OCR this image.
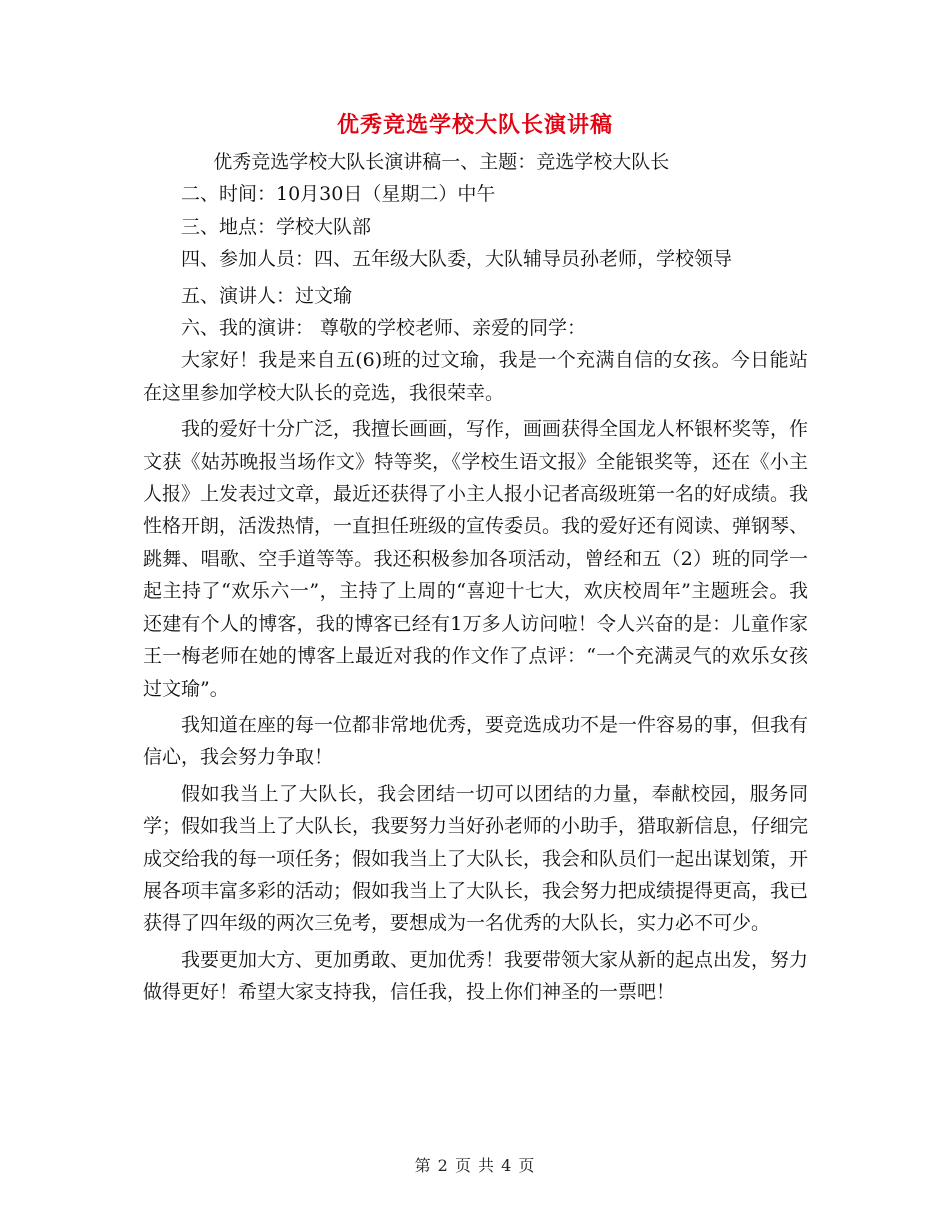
优秀竞选学校大队长演讲稿

优秀竞选学校大队长演讲稿一、主题：竞选学校大队长

二、时间：10月30日（星期二）中午

三、地点：学校大队部

四、参加人员：四、五年级大队委，大队辅导员孙老师，学校领导

五、演讲人：过文瑜

六、我的演讲： 尊敬的学校老师、亲爱的同学：

大家好！我是来自五(6)班的过文瑜，我是一个充满自信的女孩。今日能站在这里参加学校大队长的竞选，我很荣幸。

我的爱好十分广泛，我擅长画画，写作，画画获得全国龙人杯银杯奖等，作文获《姑苏晚报当场作文》特等奖，《学校生语文报》全能银奖等，还在《小主人报》上发表过文章，最近还获得了小主人报小记者高级班第一名的好成绩。我性格开朗，活泼热情，一直担任班级的宣传委员。我的爱好还有阅读、弹钢琴、跳舞、唱歌、空手道等等。我还积极参加各项活动，曾经和五（2）班的同学一起主持了“欢乐六一”，主持了上周的“喜迎十七大，欢庆校周年”主题班会。我还建有个人的博客，我的博客已经有1万多人访问啦！令人兴奋的是：儿童作家王一梅老师在她的博客上最近对我的作文作了点评：“一个充满灵气的欢乐女孩过文瑜”。

我知道在座的每一位都非常地优秀，要竞选成功不是一件容易的事，但我有信心，我会努力争取！

假如我当上了大队长，我会团结一切可以团结的力量，奉献校园，服务同学；假如我当上了大队长，我要努力当好孙老师的小助手，猎取新信息，仔细完成交给我的每一项任务；假如我当上了大队长，我会和队员们一起出谋划策，开展各项丰富多彩的活动；假如我当上了大队长，我会努力把成绩提得更高，我已获得了四年级的两次三免考，要想成为一名优秀的大队长，实力必不可少。

我要更加大方、更加勇敢、更加优秀！我要带领大家从新的起点出发，努力做得更好！希望大家支持我，信任我，投上你们神圣的一票吧！

第 2 页 共 4 页
